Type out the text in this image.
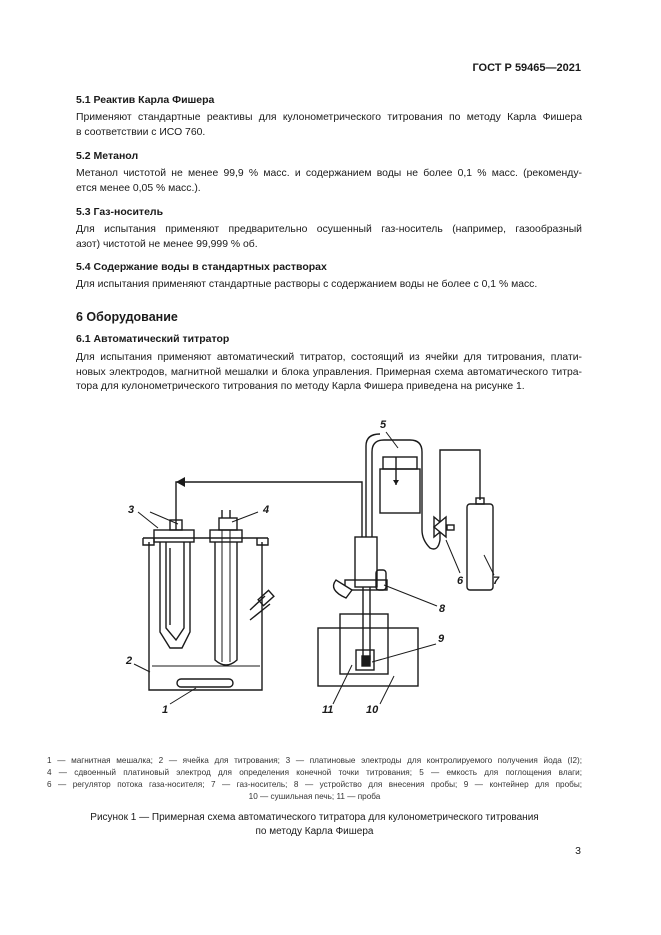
ГОСТ Р 59465—2021
5.1 Реактив Карла Фишера
Применяют стандартные реактивы для кулонометрического титрования по методу Карла Фишера
в соответствии с ИСО 760.
5.2 Метанол
Метанол чистотой не менее 99,9 % масс. и содержанием воды не более 0,1 % масс. (рекоменду-
ется менее 0,05 % масс.).
5.3 Газ-носитель
Для испытания применяют предварительно осушенный газ-носитель (например, газообразный
азот) чистотой не менее 99,999 % об.
5.4 Содержание воды в стандартных растворах
Для испытания применяют стандартные растворы с содержанием воды не более с 0,1 % масс.
6 Оборудование
6.1 Автоматический титратор
Для испытания применяют автоматический титратор, состоящий из ячейки для титрования, плати-
новых электродов, магнитной мешалки и блока управления. Примерная схема автоматического титра-
тора для кулонометрического титрования по методу Карла Фишера приведена на рисунке 1.
3	4
5
6	7
8
9
10
11
2
1
1 — магнитная мешалка; 2 — ячейка для титрования; 3 — платиновые электроды для контролируемого получения йода (I2);
4 — сдвоенный платиновый электрод для определения конечной точки титрования; 5 — емкость для поглощения влаги;
6 — регулятор потока газа-носителя; 7 — газ-носитель; 8 — устройство для внесения пробы; 9 — контейнер для пробы;
10 — сушильная печь; 11 — проба
Рисунок 1 — Примерная схема автоматического титратора для кулонометрического титрования
по методу Карла Фишера
3
